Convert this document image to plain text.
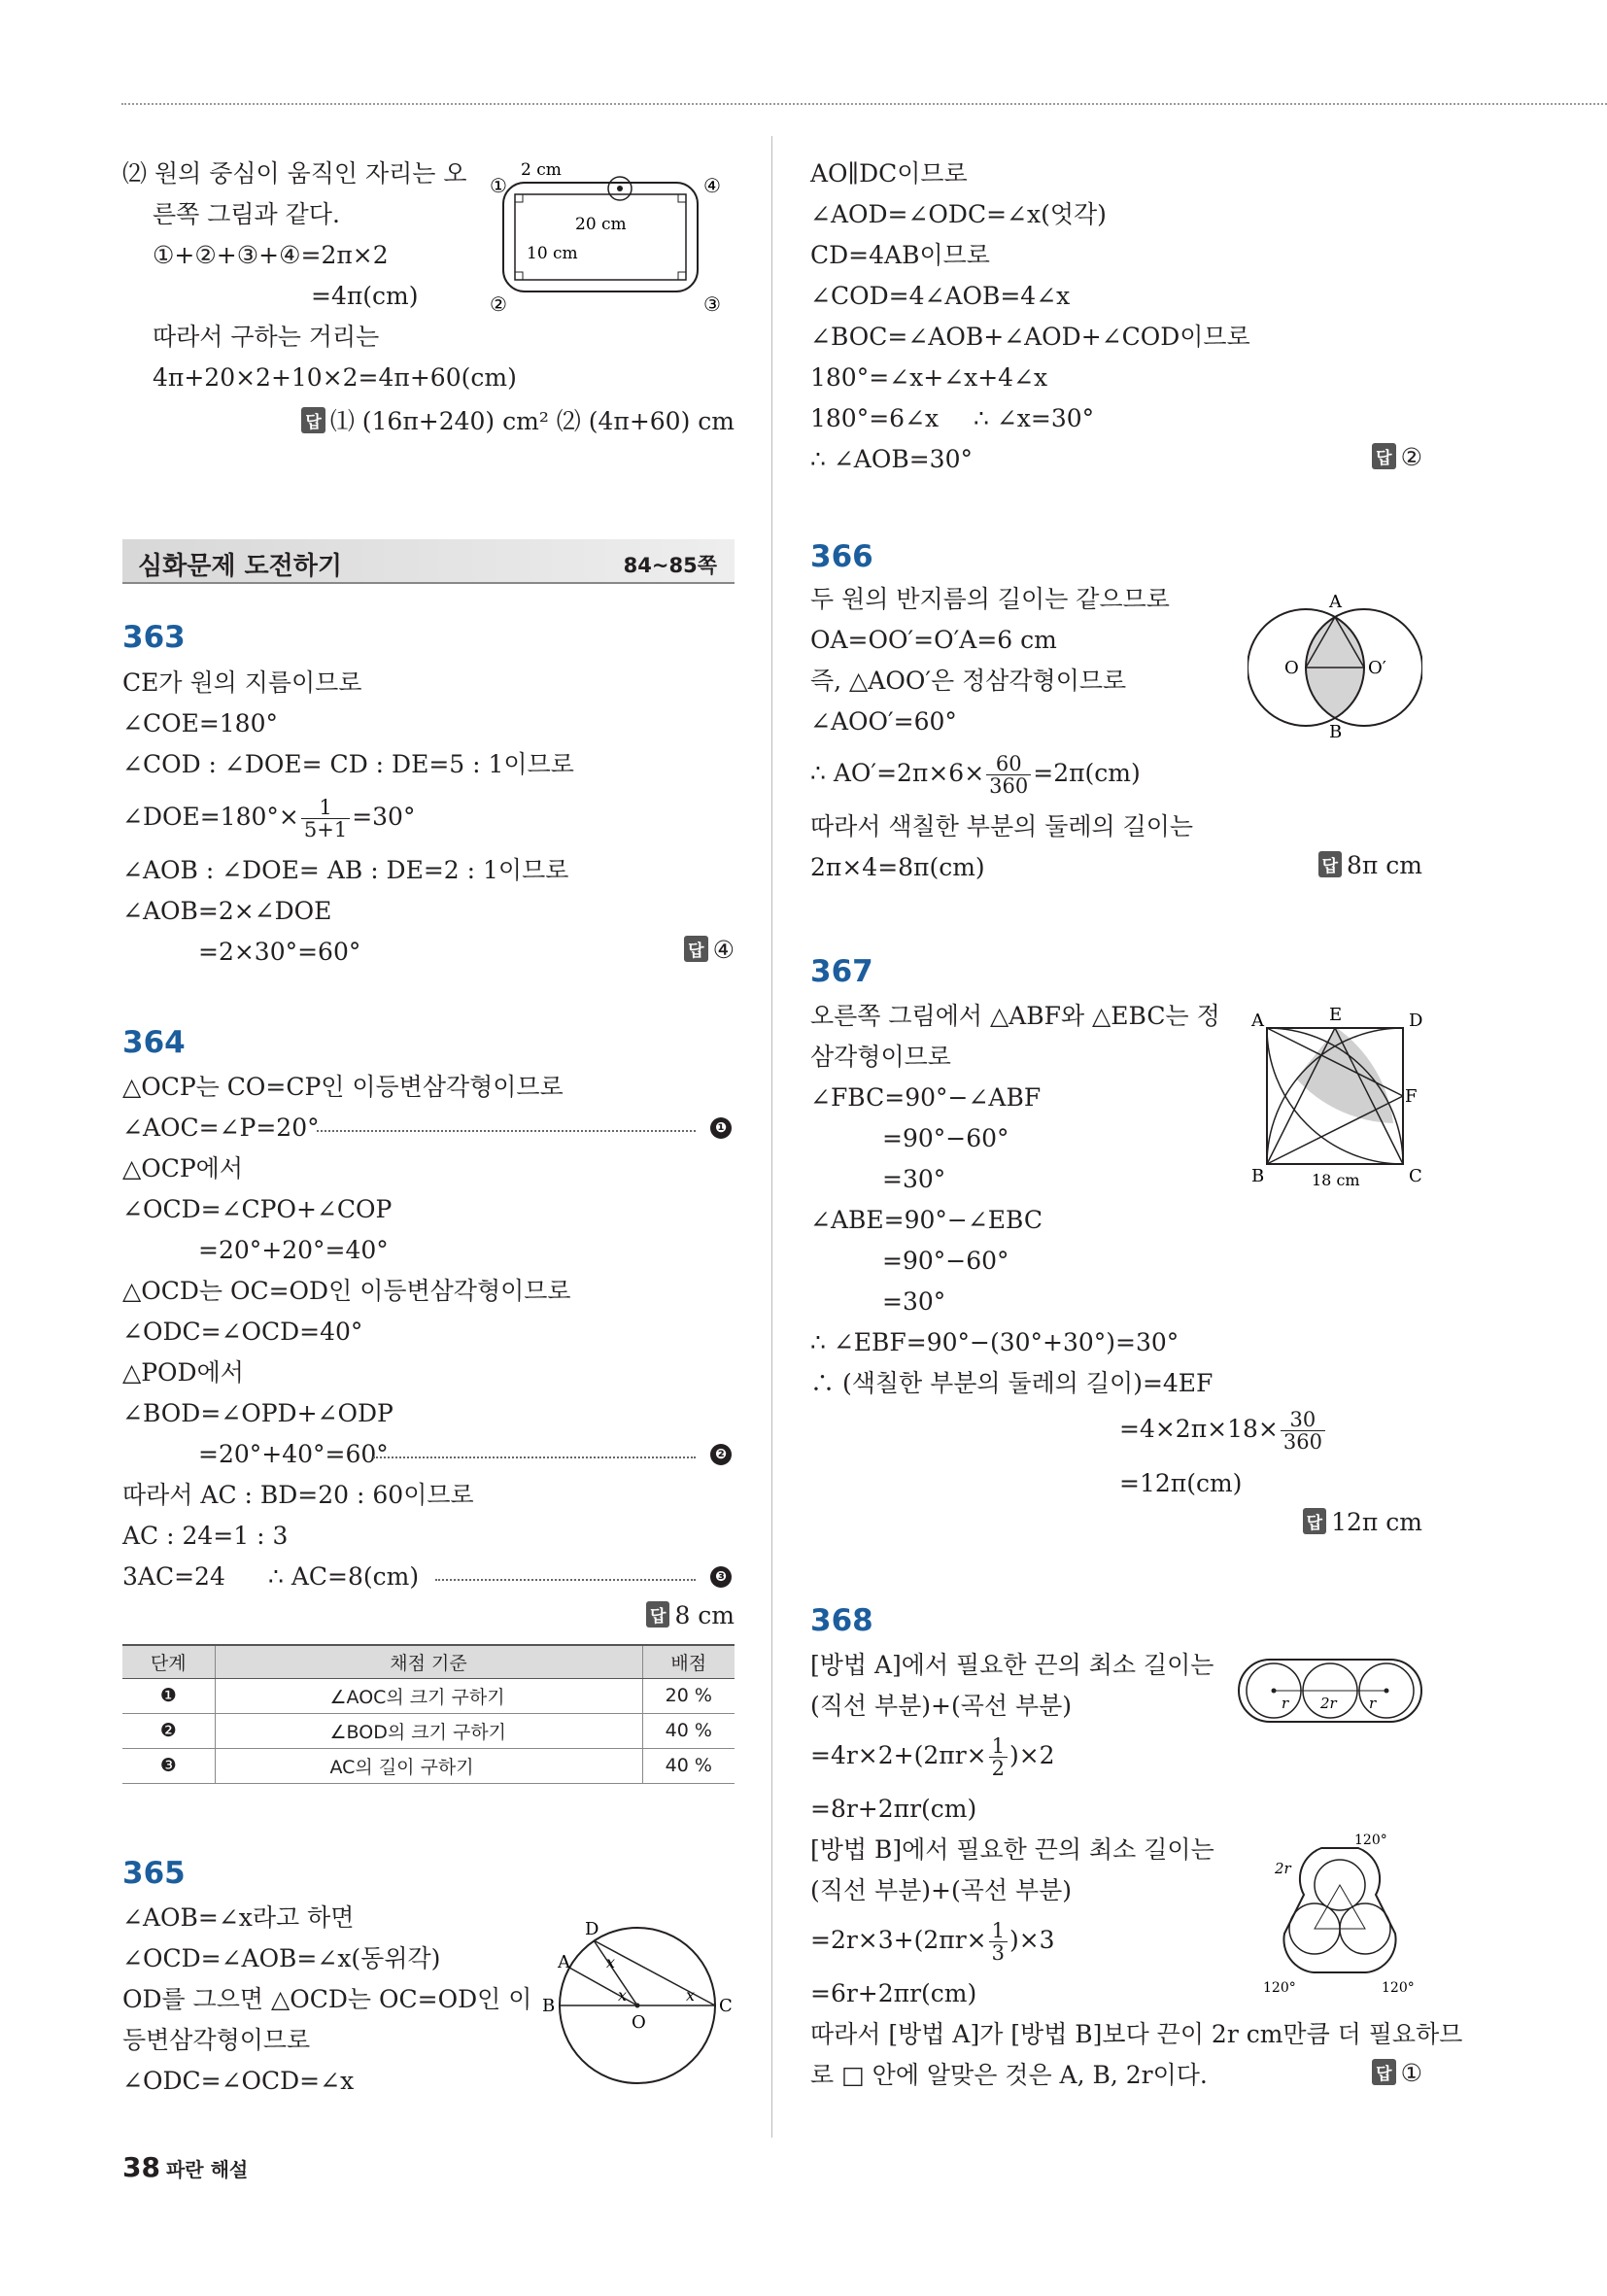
⑵ 원의 중심이 움직인 자리는 오
른쪽 그림과 같다.
①+②+③+④=2π×2
=4π(cm)
따라서 구하는 거리는
4π+20×2+10×2=4π+60(cm)
답 ⑴ (16π+240) cm² ⑵ (4π+60) cm
①	④
②	③
2 cm
20 cm
10 cm
심화문제 도전하기	84~85쪽
363
CE가 원의 지름이므로
∠COE=180°
∠COD : ∠DOE= CD : DE=5 : 1이므로
∠DOE=180°× $\frac{1}{5+1} =30^\circ$
∠AOB : ∠DOE= AB : DE=2 : 1이므로
∠AOB=2×∠DOE
=2×30°=60°	답 ④
364
△OCP는 CO=CP인 이등변삼각형이므로
∠AOC=∠P=20°	❶
△OCP에서
∠OCD=∠CPO+∠COP
=20°+20°=40°
△OCD는 OC=OD인 이등변삼각형이므로
∠ODC=∠OCD=40°
△POD에서
∠BOD=∠OPD+∠ODP
=20°+40°=60°	❷
따라서 AC : BD=20 : 60이므로
AC : 24=1 : 3
3AC=24 ∴ AC=8(cm)	❸
답 8 cm
단계	채점 기준	배점
❶	∠AOC의 크기 구하기	20 %
❷	∠BOD의 크기 구하기	40 %
❸	AC의 길이 구하기	40 %
365
∠AOB=∠x라고 하면
∠OCD=∠AOB=∠x(동위각)
OD를 그으면 △OCD는 OC=OD인 이
등변삼각형이므로
∠ODC=∠OCD=∠x
D
A
B	C
O
x
x
x
AO∥DC이므로
∠AOD=∠ODC=∠x(엇각)
CD=4AB이므로
∠COD=4∠AOB=4∠x
∠BOC=∠AOB+∠AOD+∠COD이므로
180°=∠x+∠x+4∠x
180°=6∠x ∴ ∠x=30°
∴ ∠AOB=30°	답 ②
366
두 원의 반지름의 길이는 같으므로
OA=OO′=O′A=6 cm
즉, △AOO′은 정삼각형이므로
∠AOO′=60°
∴ $AO'=2\pi\times 6\times \frac{60}{360} =2\pi(cm)$
따라서 색칠한 부분의 둘레의 길이는
2π×4=8π(cm)	답 8π cm
A
B
O	O′
367
오른쪽 그림에서 △ABF와 △EBC는 정
삼각형이므로
∠FBC=90°−∠ABF
=90°−60°
=30°
∠ABE=90°−∠EBC
=90°−60°
=30°
∴ ∠EBF=90°−(30°+30°)=30°
∴ (색칠한 부분의 둘레의 길이)=4EF
$=4\times 2\pi\times 18\times \frac{30}{360}$
=12π(cm)
답 12π cm
A	E	D
F
B	C
18 cm
368
[방법 A]에서 필요한 끈의 최소 길이는
(직선 부분)+(곡선 부분)
$=4r\times 2+(2\pi r\times \frac{1}{2} )\times 2$
=8r+2πr(cm)
[방법 B]에서 필요한 끈의 최소 길이는
(직선 부분)+(곡선 부분)
$=2r\times 3+(2\pi r\times \frac{1}{3} )\times 3$
=6r+2πr(cm)
따라서 [방법 A]가 [방법 B]보다 끈이 2r cm만큼 더 필요하므
로 □ 안에 알맞은 것은 A, B, 2r이다.	답 ①
r 2r r
120°
120°	120°
2r
38 파란 해설
